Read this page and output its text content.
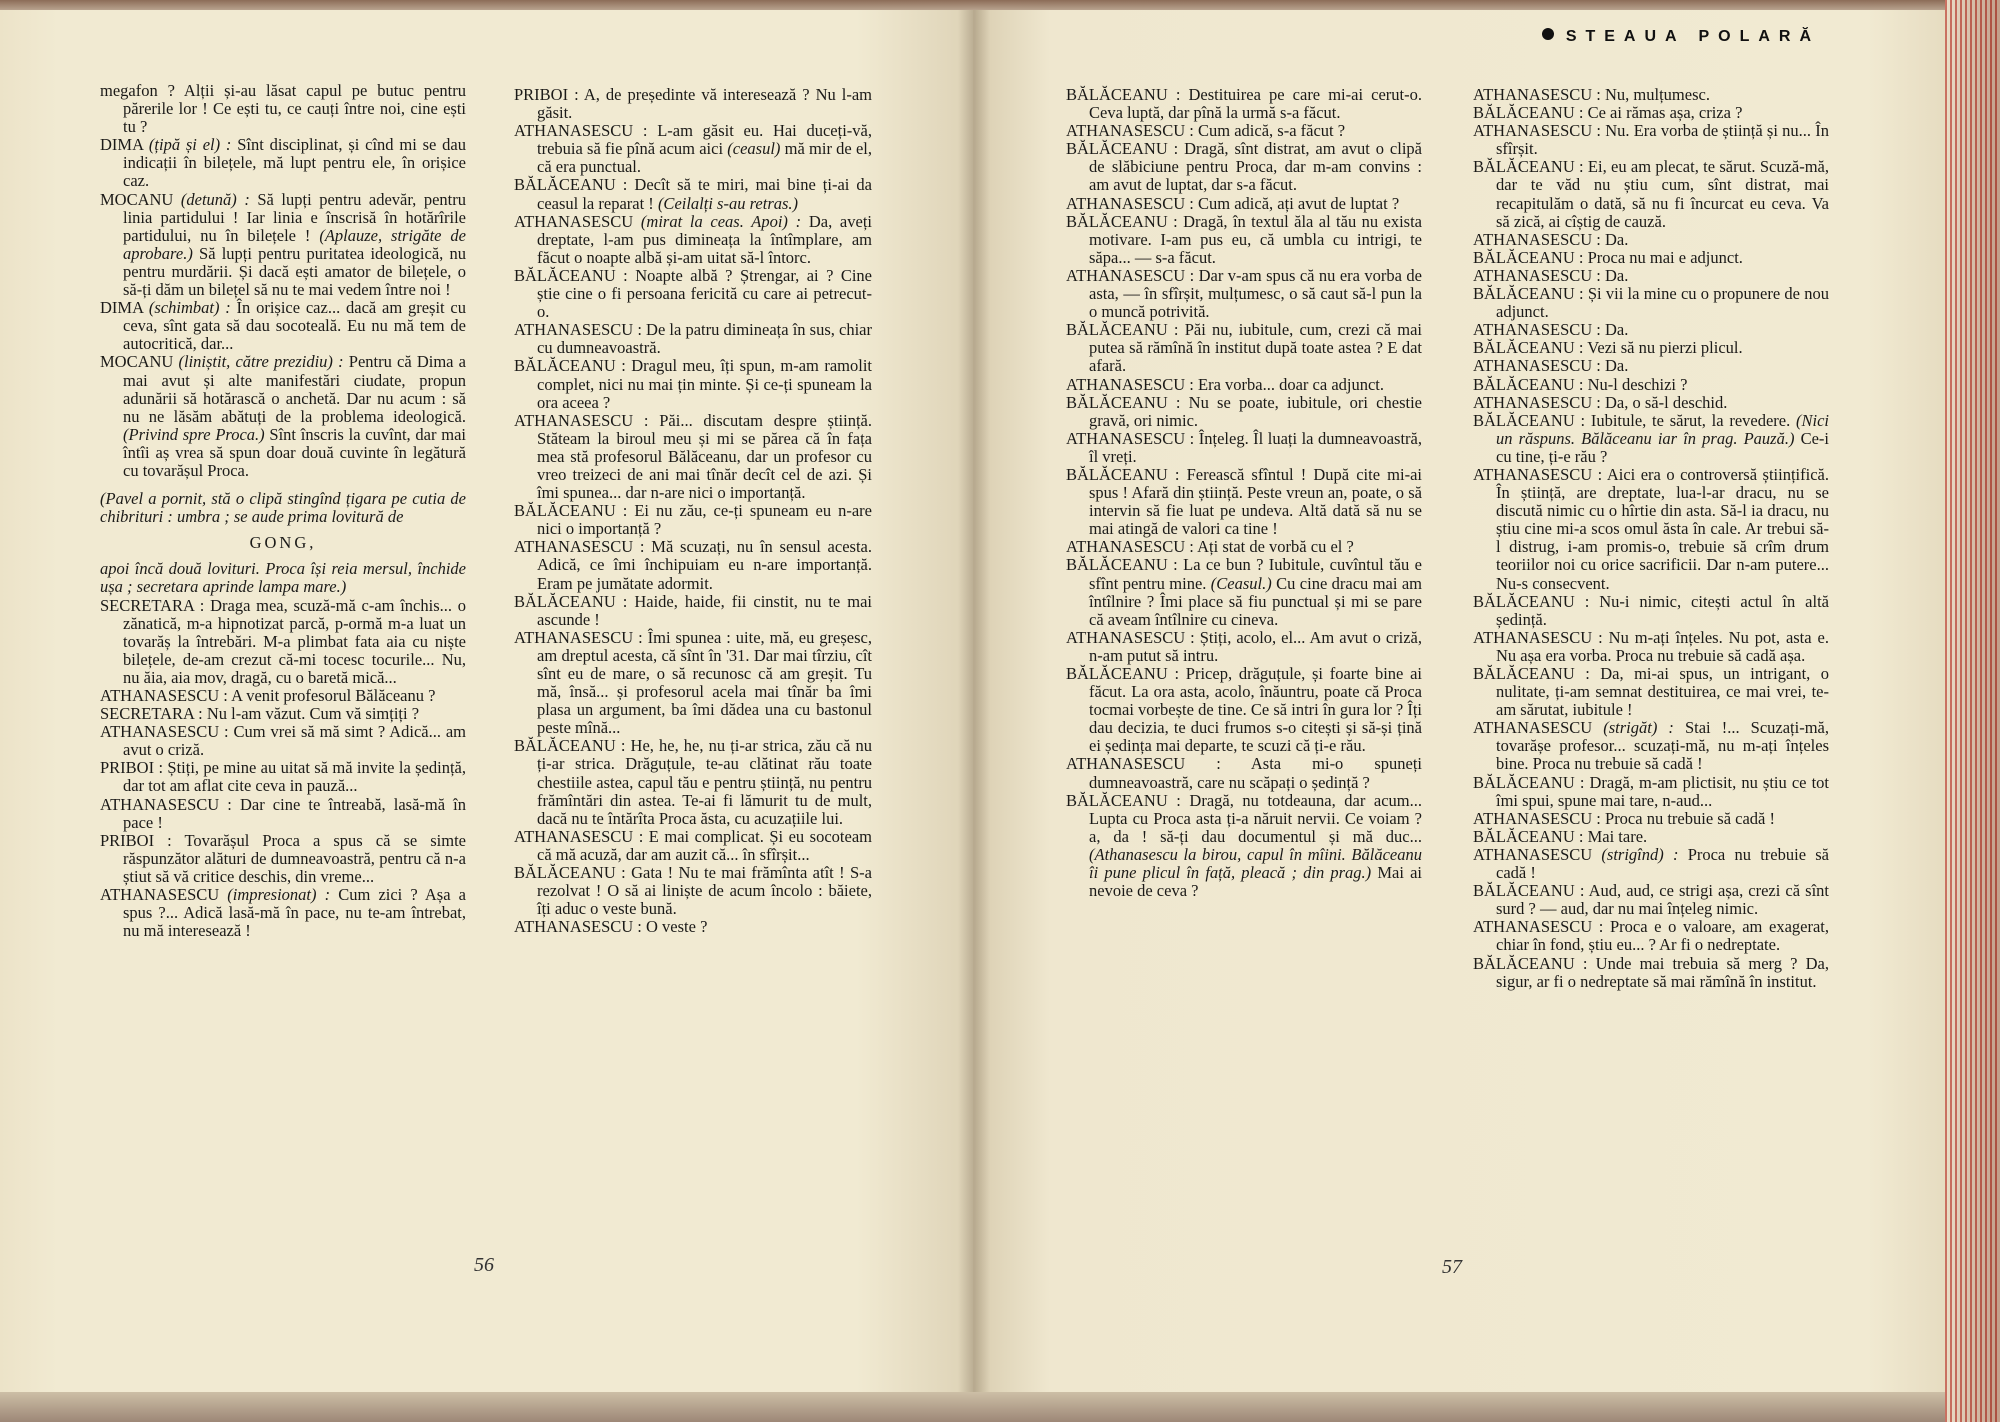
STEAUA POLARĂ

megafon ? Alții și-au lăsat capul pe butuc pentru părerile lor ! Ce ești tu, ce cauți între noi, cine ești tu ?

DIMA (țipă și el) : Sînt disciplinat, și cînd mi se dau indicații în bilețele, mă lupt pentru ele, în orișice caz.

MOCANU (detună) : Să lupți pentru adevăr, pentru linia partidului ! Iar linia e înscrisă în hotărîrile partidului, nu în bilețele ! (Aplauze, strigăte de aprobare.) Să lupți pentru puritatea ideologică, nu pentru murdării. Și dacă ești amator de bilețele, o să-ți dăm un bilețel să nu te mai vedem între noi !

DIMA (schimbat) : În orișice caz... dacă am greșit cu ceva, sînt gata să dau socoteală. Eu nu mă tem de autocritică, dar...

MOCANU (liniștit, către prezidiu) : Pentru că Dima a mai avut și alte manifestări ciudate, propun adunării să hotărască o anchetă. Dar nu acum : să nu ne lăsăm abătuți de la problema ideologică. (Privind spre Proca.) Sînt înscris la cuvînt, dar mai întîi aș vrea să spun doar două cuvinte în legătură cu tovarășul Proca.

(Pavel a pornit, stă o clipă stingînd țigara pe cutia de chibrituri : umbra ; se aude prima lovitură de

GONG,

apoi încă două lovituri. Proca își reia mersul, închide ușa ; secretara aprinde lampa mare.)

SECRETARA : Draga mea, scuză-mă c-am închis... o zănatică, m-a hipnotizat parcă, p-ormă m-a luat un tovarăș la întrebări. M-a plimbat fata aia cu niște bilețele, de-am crezut că-mi tocesc tocurile... Nu, nu ăia, aia mov, dragă, cu o baretă mică...

ATHANASESCU : A venit profesorul Bălăceanu ?

SECRETARA : Nu l-am văzut. Cum vă simțiți ?

ATHANASESCU : Cum vrei să mă simt ? Adică... am avut o criză.

PRIBOI : Știți, pe mine au uitat să mă invite la ședință, dar tot am aflat cite ceva in pauză...

ATHANASESCU : Dar cine te întreabă, lasă-mă în pace !

PRIBOI : Tovarășul Proca a spus că se simte răspunzător alături de dumneavoastră, pentru că n-a știut să vă critice deschis, din vreme...

ATHANASESCU (impresionat) : Cum zici ? Așa a spus ?... Adică lasă-mă în pace, nu te-am întrebat, nu mă interesează !

PRIBOI : A, de președinte vă interesează ? Nu l-am găsit.

ATHANASESCU : L-am găsit eu. Hai duceți-vă, trebuia să fie pînă acum aici (ceasul) mă mir de el, că era punctual.

BĂLĂCEANU : Decît să te miri, mai bine ți-ai da ceasul la reparat ! (Ceilalți s-au retras.)

ATHANASESCU (mirat la ceas. Apoi) : Da, aveți dreptate, l-am pus dimineața la întîmplare, am făcut o noapte albă și-am uitat să-l întorc.

BĂLĂCEANU : Noapte albă ? Ștrengar, ai ? Cine știe cine o fi persoana fericită cu care ai petrecut-o.

ATHANASESCU : De la patru dimineața în sus, chiar cu dumneavoastră.

BĂLĂCEANU : Dragul meu, îți spun, m-am ramolit complet, nici nu mai țin minte. Și ce-ți spuneam la ora aceea ?

ATHANASESCU : Păi... discutam despre știință. Stăteam la biroul meu și mi se părea că în fața mea stă profesorul Bălăceanu, dar un profesor cu vreo treizeci de ani mai tînăr decît cel de azi. Și îmi spunea... dar n-are nici o importanță.

BĂLĂCEANU : Ei nu zău, ce-ți spuneam eu n-are nici o importanță ?

ATHANASESCU : Mă scuzați, nu în sensul acesta. Adică, ce îmi închipuiam eu n-are importanță. Eram pe jumătate adormit.

BĂLĂCEANU : Haide, haide, fii cinstit, nu te mai ascunde !

ATHANASESCU : Îmi spunea : uite, mă, eu greșesc, am dreptul acesta, că sînt în '31. Dar mai tîrziu, cît sînt eu de mare, o să recunosc că am greșit. Tu mă, însă... și profesorul acela mai tînăr ba îmi plasa un argument, ba îmi dădea una cu bastonul peste mînă...

BĂLĂCEANU : He, he, he, nu ți-ar strica, zău că nu ți-ar strica. Drăguțule, te-au clătinat rău toate chestiile astea, capul tău e pentru știință, nu pentru frămîntări din astea. Te-ai fi lămurit tu de mult, dacă nu te întărîta Proca ăsta, cu acuzațiile lui.

ATHANASESCU : E mai complicat. Și eu socoteam că mă acuză, dar am auzit că... în sfîrșit...

BĂLĂCEANU : Gata ! Nu te mai frămînta atît ! S-a rezolvat ! O să ai liniște de acum încolo : băiete, îți aduc o veste bună.

ATHANASESCU : O veste ?

BĂLĂCEANU : Destituirea pe care mi-ai cerut-o. Ceva luptă, dar pînă la urmă s-a făcut.

ATHANASESCU : Cum adică, s-a făcut ?

BĂLĂCEANU : Dragă, sînt distrat, am avut o clipă de slăbiciune pentru Proca, dar m-am convins : am avut de luptat, dar s-a făcut.

ATHANASESCU : Cum adică, ați avut de luptat ?

BĂLĂCEANU : Dragă, în textul ăla al tău nu exista motivare. I-am pus eu, că umbla cu intrigi, te săpa... — s-a făcut.

ATHANASESCU : Dar v-am spus că nu era vorba de asta, — în sfîrșit, mulțumesc, o să caut să-l pun la o muncă potrivită.

BĂLĂCEANU : Păi nu, iubitule, cum, crezi că mai putea să rămînă în institut după toate astea ? E dat afară.

ATHANASESCU : Era vorba... doar ca adjunct.

BĂLĂCEANU : Nu se poate, iubitule, ori chestie gravă, ori nimic.

ATHANASESCU : Înțeleg. Îl luați la dumneavoastră, îl vreți.

BĂLĂCEANU : Ferească sfîntul ! După cite mi-ai spus ! Afară din știință. Peste vreun an, poate, o să intervin să fie luat pe undeva. Altă dată să nu se mai atingă de valori ca tine !

ATHANASESCU : Ați stat de vorbă cu el ?

BĂLĂCEANU : La ce bun ? Iubitule, cuvîntul tău e sfînt pentru mine. (Ceasul.) Cu cine dracu mai am întîlnire ? Îmi place să fiu punctual și mi se pare că aveam întîlnire cu cineva.

ATHANASESCU : Știți, acolo, el... Am avut o criză, n-am putut să intru.

BĂLĂCEANU : Pricep, drăguțule, și foarte bine ai făcut. La ora asta, acolo, înăuntru, poate că Proca tocmai vorbește de tine. Ce să intri în gura lor ? Îți dau decizia, te duci frumos s-o citești și să-și țină ei ședința mai departe, te scuzi că ți-e rău.

ATHANASESCU : Asta mi-o spuneți dumneavoastră, care nu scăpați o ședință ?

BĂLĂCEANU : Dragă, nu totdeauna, dar acum... Lupta cu Proca asta ți-a năruit nervii. Ce voiam ? a, da ! să-ți dau documentul și mă duc... (Athanasescu la birou, capul în mîini. Bălăceanu îi pune plicul în față, pleacă ; din prag.) Mai ai nevoie de ceva ?

ATHANASESCU : Nu, mulțumesc.

BĂLĂCEANU : Ce ai rămas așa, criza ?

ATHANASESCU : Nu. Era vorba de știință și nu... În sfîrșit.

BĂLĂCEANU : Ei, eu am plecat, te sărut. Scuză-mă, dar te văd nu știu cum, sînt distrat, mai recapitulăm o dată, să nu fi încurcat eu ceva. Va să zică, ai cîștig de cauză.

ATHANASESCU : Da.

BĂLĂCEANU : Proca nu mai e adjunct.

ATHANASESCU : Da.

BĂLĂCEANU : Și vii la mine cu o propunere de nou adjunct.

ATHANASESCU : Da.

BĂLĂCEANU : Vezi să nu pierzi plicul.

ATHANASESCU : Da.

BĂLĂCEANU : Nu-l deschizi ?

ATHANASESCU : Da, o să-l deschid.

BĂLĂCEANU : Iubitule, te sărut, la revedere. (Nici un răspuns. Bălăceanu iar în prag. Pauză.) Ce-i cu tine, ți-e rău ?

ATHANASESCU : Aici era o controversă științifică. În știință, are dreptate, lua-l-ar dracu, nu se discută nimic cu o hîrtie din asta. Să-l ia dracu, nu știu cine mi-a scos omul ăsta în cale. Ar trebui să-l distrug, i-am promis-o, trebuie să crîm drum teoriilor noi cu orice sacrificii. Dar n-am putere... Nu-s consecvent.

BĂLĂCEANU : Nu-i nimic, citești actul în altă ședință.

ATHANASESCU : Nu m-ați înțeles. Nu pot, asta e. Nu așa era vorba. Proca nu trebuie să cadă așa.

BĂLĂCEANU : Da, mi-ai spus, un intrigant, o nulitate, ți-am semnat destituirea, ce mai vrei, te-am sărutat, iubitule !

ATHANASESCU (strigăt) : Stai !... Scuzați-mă, tovarășe profesor... scuzați-mă, nu m-ați înțeles bine. Proca nu trebuie să cadă !

BĂLĂCEANU : Dragă, m-am plictisit, nu știu ce tot îmi spui, spune mai tare, n-aud...

ATHANASESCU : Proca nu trebuie să cadă !

BĂLĂCEANU : Mai tare.

ATHANASESCU (strigînd) : Proca nu trebuie să cadă !

BĂLĂCEANU : Aud, aud, ce strigi așa, crezi că sînt surd ? — aud, dar nu mai înțeleg nimic.

ATHANASESCU : Proca e o valoare, am exagerat, chiar în fond, știu eu... ? Ar fi o nedreptate.

BĂLĂCEANU : Unde mai trebuia să merg ? Da, sigur, ar fi o nedreptate să mai rămînă în institut.

56	57
